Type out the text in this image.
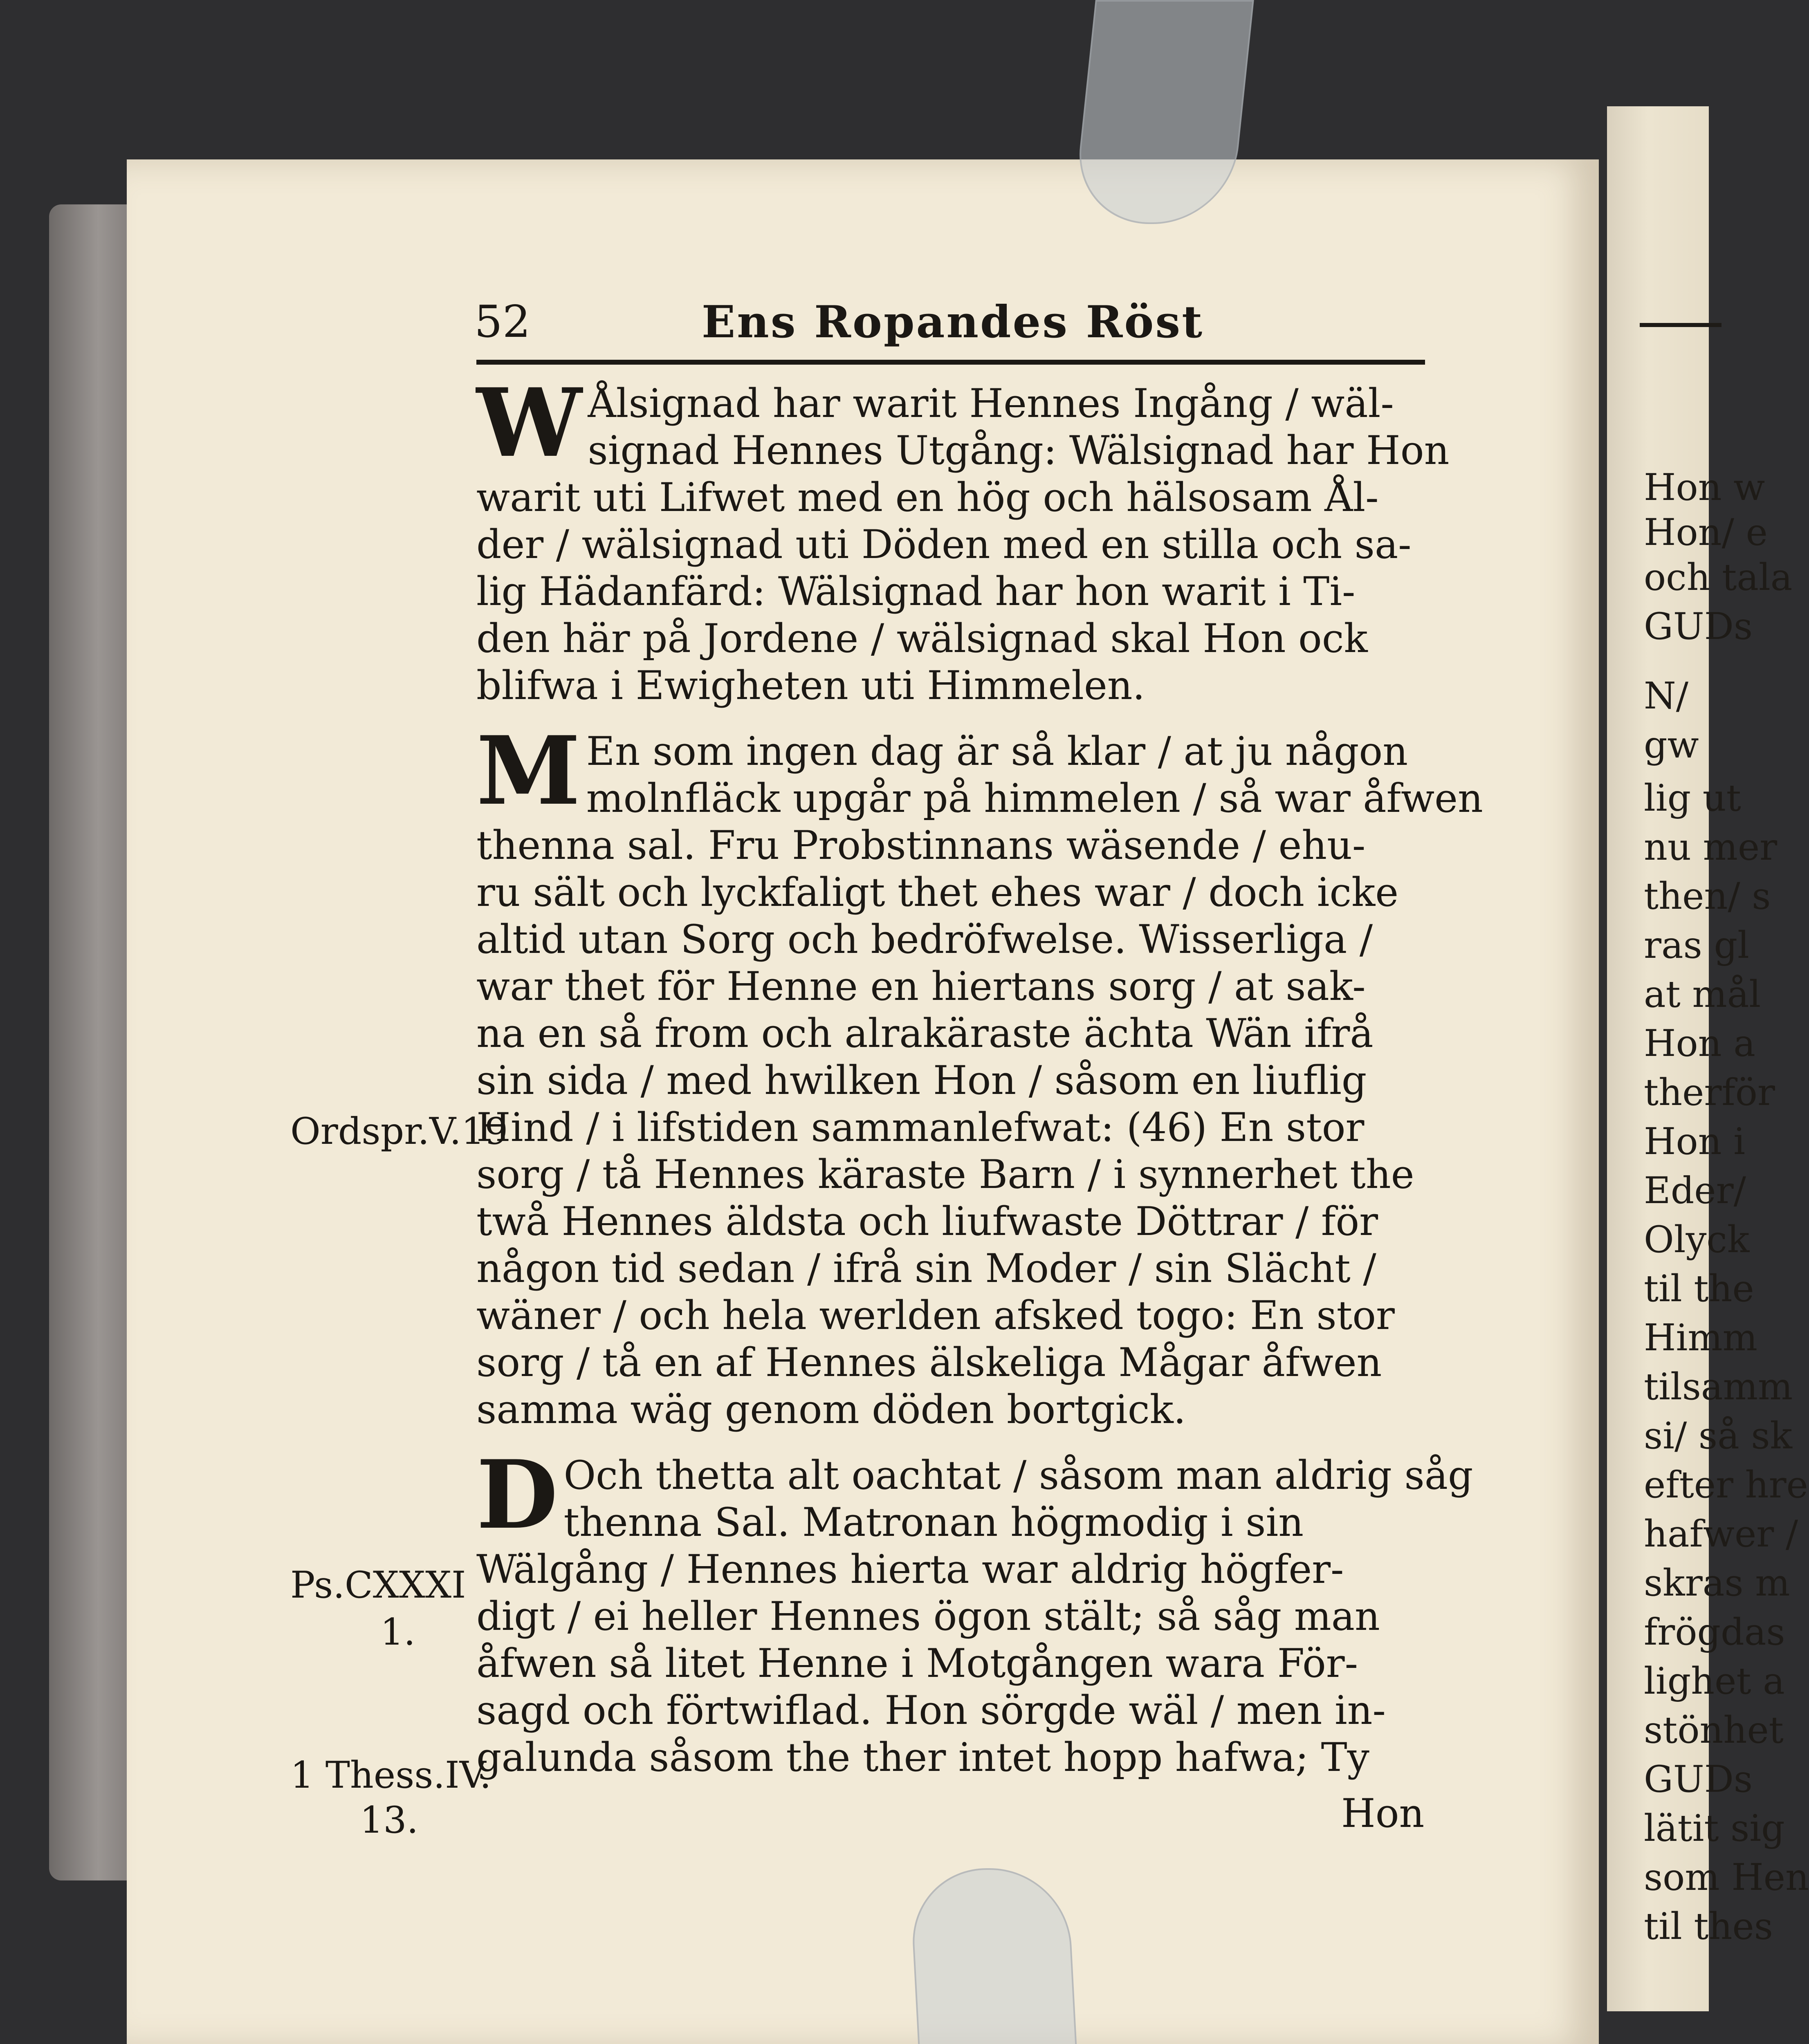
Hon w
Hon/ e
och tala
GUDs
N/
gw
lig ut
nu mer
then/ s
ras gl
at mål
Hon a
therför
Hon i
Eder/
Olyck
til the
Himm
tilsamm
si/ så sk
efter hre
hafwer /
skras m
frögdas
lighet a
stönhet
GUDs
lätit sig
som Hen
til thes
52	Ens Ropandes Röst
W Ålsignad har warit Hennes Ingång / wäl-
signad Hennes Utgång: Wälsignad har Hon
warit uti Lifwet med en hög och hälsosam Ål-
der / wälsignad uti Döden med en stilla och sa-
lig Hädanfärd: Wälsignad har hon warit i Ti-
den här på Jordene / wälsignad skal Hon ock
blifwa i Ewigheten uti Himmelen.
M En som ingen dag är så klar / at ju någon
molnfläck upgår på himmelen / så war åfwen
thenna sal. Fru Probstinnans wäsende / ehu-
ru sält och lyckfaligt thet ehes war / doch icke
altid utan Sorg och bedröfwelse. Wisserliga /
war thet för Henne en hiertans sorg / at sak-
na en så from och alrakäraste ächta Wän ifrå
sin sida / med hwilken Hon / såsom en liuflig
Hind / i lifstiden sammanlefwat: (46) En stor
sorg / tå Hennes käraste Barn / i synnerhet the
twå Hennes äldsta och liufwaste Döttrar / för
någon tid sedan / ifrå sin Moder / sin Slächt /
wäner / och hela werlden afsked togo: En stor
sorg / tå en af Hennes älskeliga Mågar åfwen
samma wäg genom döden bortgick.
D Och thetta alt oachtat / såsom man aldrig såg
thenna Sal. Matronan högmodig i sin
Wälgång / Hennes hierta war aldrig högfer-
digt / ei heller Hennes ögon stält; så såg man
åfwen så litet Henne i Motgången wara För-
sagd och förtwiflad. Hon sörgde wäl / men in-
galunda såsom the ther intet hopp hafwa; Ty
Ordspr.V.19
Ps.CXXXI
1.
1 Thess.IV.
13.	Hon
